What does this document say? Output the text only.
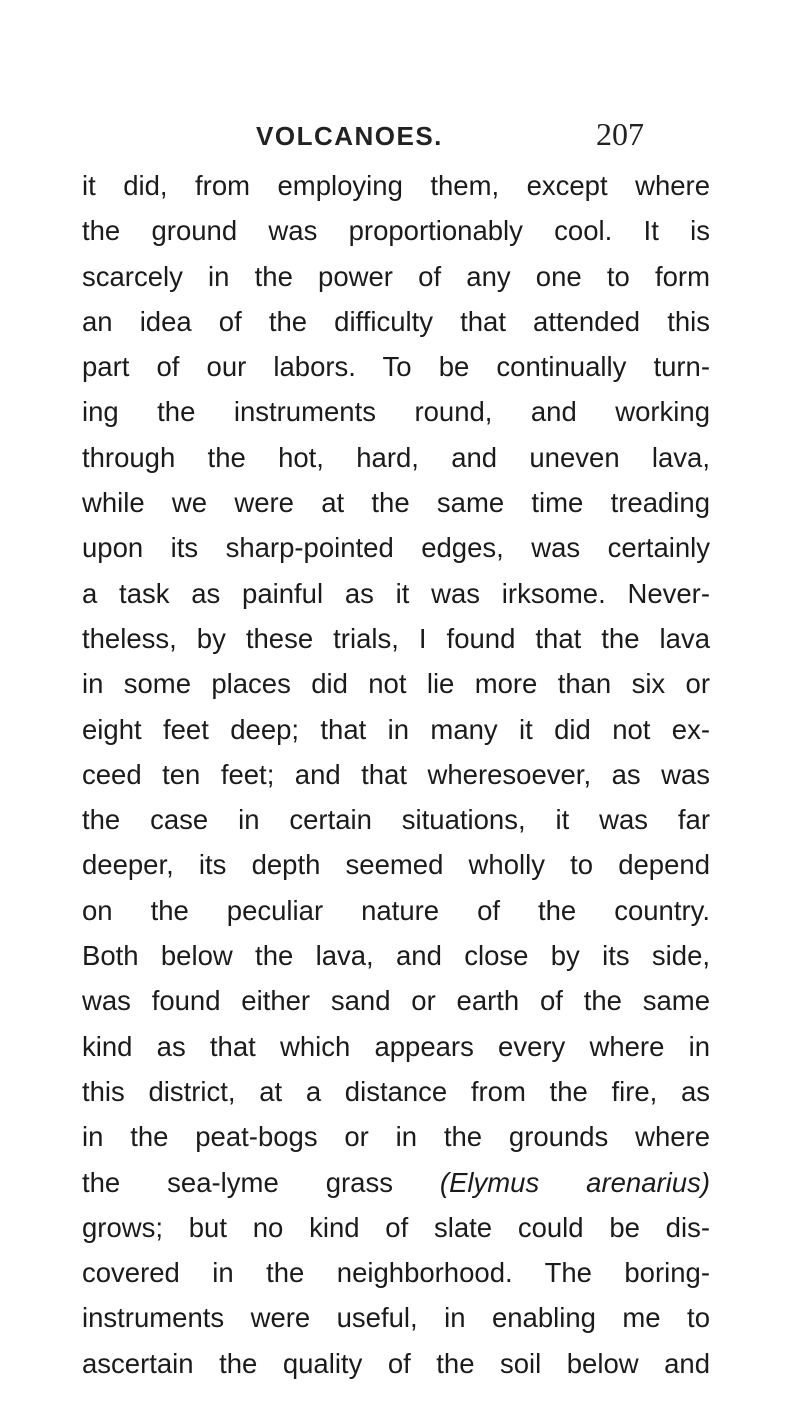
VOLCANOES.	207
it did, from employing them, except where
the ground was proportionably cool. It is
scarcely in the power of any one to form
an idea of the difficulty that attended this
part of our labors. To be continually turn-
ing the instruments round, and working
through the hot, hard, and uneven lava,
while we were at the same time treading
upon its sharp-pointed edges, was certainly
a task as painful as it was irksome. Never-
theless, by these trials, I found that the lava
in some places did not lie more than six or
eight feet deep; that in many it did not ex-
ceed ten feet; and that wheresoever, as was
the case in certain situations, it was far
deeper, its depth seemed wholly to depend
on the peculiar nature of the country.
Both below the lava, and close by its side,
was found either sand or earth of the same
kind as that which appears every where in
this district, at a distance from the fire, as
in the peat-bogs or in the grounds where
the sea-lyme grass (Elymus arenarius)
grows; but no kind of slate could be dis-
covered in the neighborhood. The boring-
instruments were useful, in enabling me to
ascertain the quality of the soil below and
